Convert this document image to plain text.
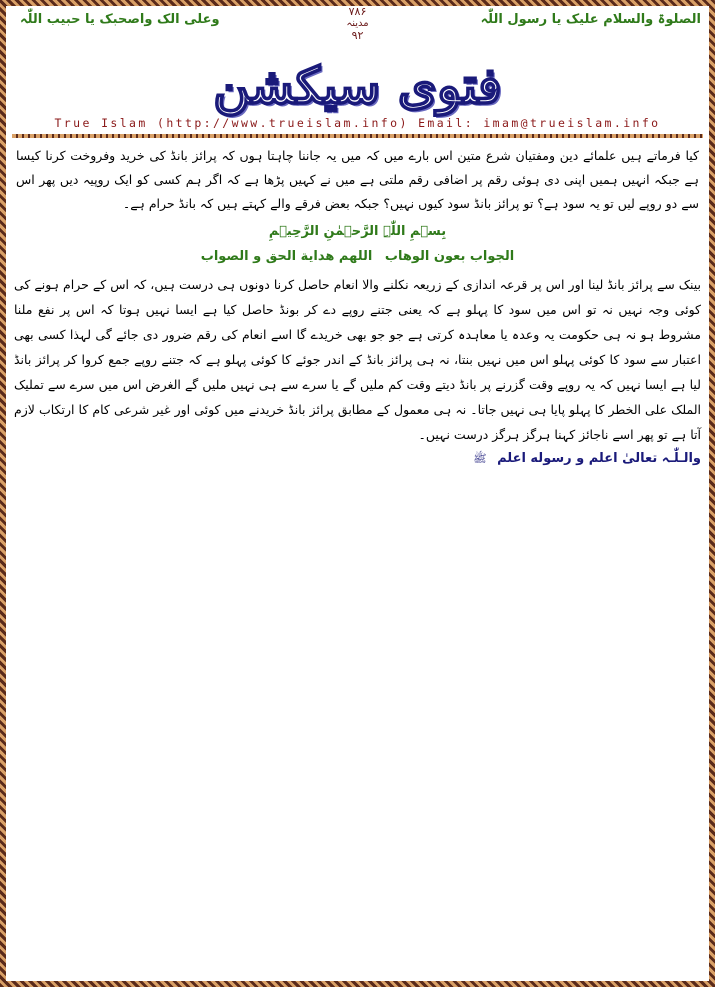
الصلوۃ والسلام علیک یا رسول اللّٰہ
۷۸۶
مدینہ
۹۲
وعلی الک واصحبک یا حبیب اللّٰہ
فتوی سیکشن
True Islam (http://www.trueislam.info) Email: imam@trueislam.info
کیا فرماتے ہیں علمائے دین ومفتیان شرع متین اس بارے میں کہ میں یہ جاننا چاہتا ہوں کہ پرائز بانڈ کی خرید وفروخت کرنا کیسا ہے جبکہ انہیں ہمیں اپنی دی ہوئی رقم پر اضافی رقم ملتی ہے میں نے کہیں پڑھا ہے کہ اگر ہم کسی کو ایک روپیہ دیں پھر اس سے دو روپے لیں تو یہ سود ہے؟ تو پرائز بانڈ سود کیوں نہیں؟ جبکہ بعض فرقے والے کہتے ہیں کہ بانڈ حرام ہے۔
بِسۡمِ اللّٰہِ الرَّحۡمٰنِ الرَّحِیۡمِ
الجواب بعون الوهاب اللهم هداية الحق و الصواب
بینک سے پرائز بانڈ لینا اور اس پر قرعہ اندازی کے زریعہ نکلنے والا انعام حاصل کرنا دونوں ہی درست ہیں، کہ اس کے حرام ہونے کی کوئی وجہ نہیں نہ تو اس میں سود کا پہلو ہے کہ یعنی جتنے روپے دے کر بونڈ حاصل کیا ہے ایسا نہیں ہوتا کہ اس پر نفع ملنا مشروط ہو نہ ہی حکومت یہ وعدہ یا معاہدہ کرتی ہے جو جو بھی خریدے گا اسے انعام کی رقم ضرور دی جائے گی لہذا کسی بھی اعتبار سے سود کا کوئی پہلو اس میں نہیں بنتا، نہ ہی پرائز بانڈ کے اندر جوئے کا کوئی پہلو ہے کہ جتنے روپے جمع کروا کر پرائز بانڈ لیا ہے ایسا نہیں کہ یہ روپے وقت گزرنے پر بانڈ دیتے وقت کم ملیں گے یا سرے سے ہی نہیں ملیں گے الغرض اس میں سرے سے تملیک الملک علی الخطر کا پہلو پایا ہی نہیں جاتا۔ نہ ہی معمول کے مطابق پرائز بانڈ خریدنے میں کوئی اور غیر شرعی کام کا ارتکاب لازم آتا ہے تو پھر اسے ناجائز کہنا ہرگز ہرگز درست نہیں۔
والـلّٰـہ تعالیٰ اعلم و رسوله اعلم ﷺ
